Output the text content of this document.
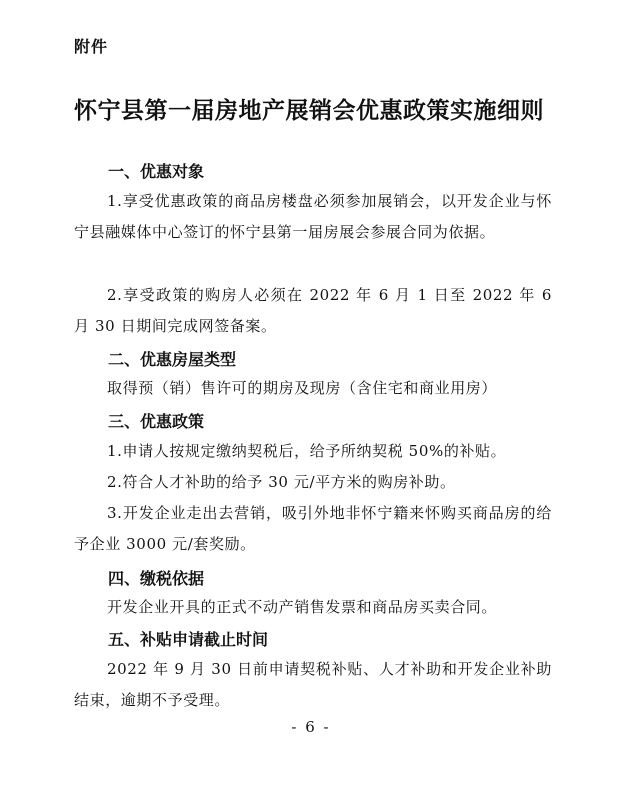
附件
怀宁县第一届房地产展销会优惠政策实施细则
一、优惠对象
1.享受优惠政策的商品房楼盘必须参加展销会，以开发企业与怀宁县融媒体中心签订的怀宁县第一届房展会参展合同为依据。
2.享受政策的购房人必须在 2022 年 6 月 1 日至 2022 年 6 月 30 日期间完成网签备案。
二、优惠房屋类型
取得预（销）售许可的期房及现房（含住宅和商业用房）
三、优惠政策
1.申请人按规定缴纳契税后，给予所纳契税 50%的补贴。
2.符合人才补助的给予 30 元/平方米的购房补助。
3.开发企业走出去营销，吸引外地非怀宁籍来怀购买商品房的给予企业 3000 元/套奖励。
四、缴税依据
开发企业开具的正式不动产销售发票和商品房买卖合同。
五、补贴申请截止时间
2022 年 9 月 30 日前申请契税补贴、人才补助和开发企业补助结束，逾期不予受理。
- 6 -
